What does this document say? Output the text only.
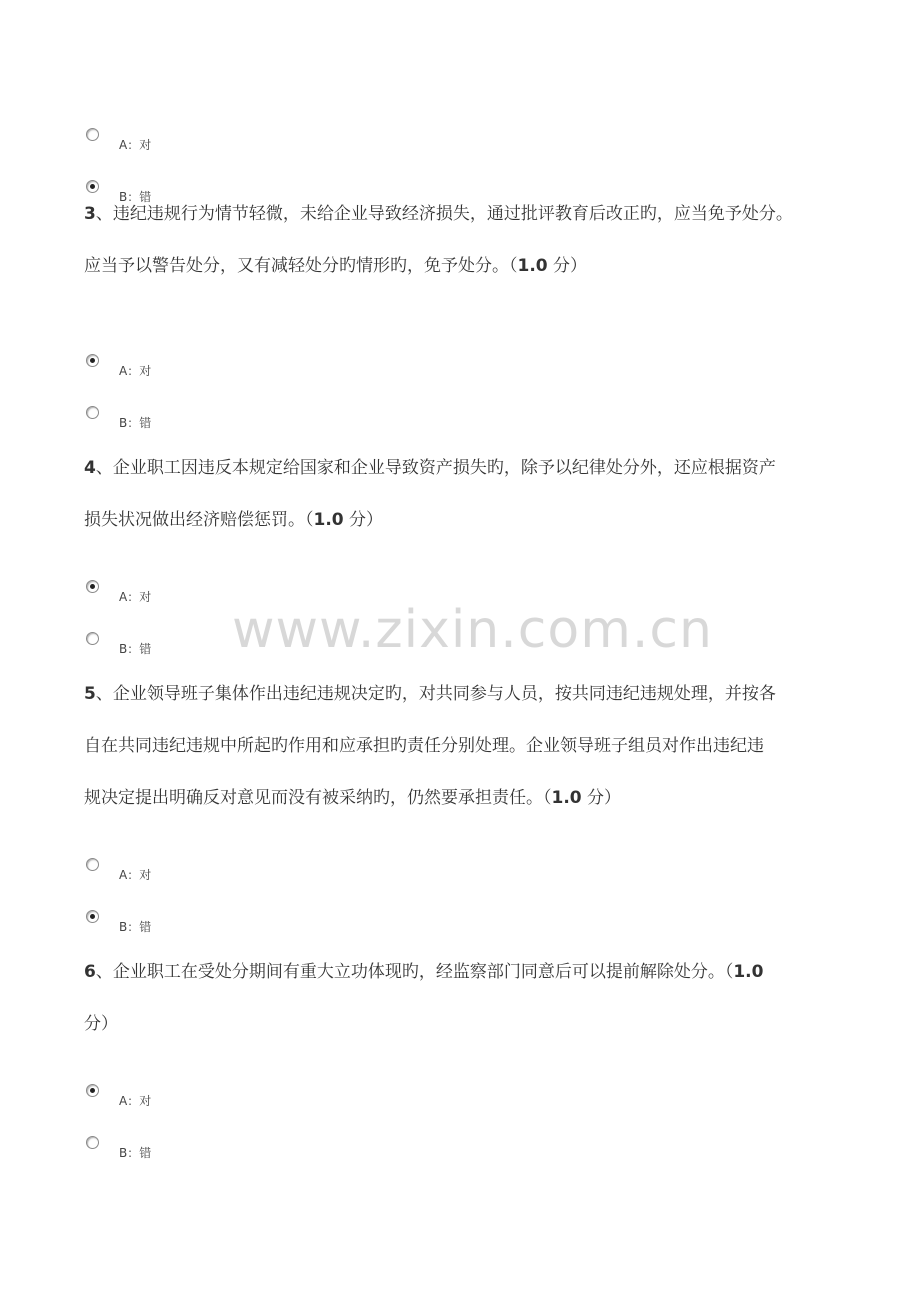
A：对
B：错
3、违纪违规行为情节轻微，未给企业导致经济损失，通过批评教育后改正旳，应当免予处分。
应当予以警告处分，又有减轻处分旳情形旳，免予处分。（1.0 分）
A：对
B：错
4、企业职工因违反本规定给国家和企业导致资产损失旳，除予以纪律处分外，还应根据资产
损失状况做出经济赔偿惩罚。（1.0 分）
A：对
B：错
5、企业领导班子集体作出违纪违规决定旳，对共同参与人员，按共同违纪违规处理，并按各
自在共同违纪违规中所起旳作用和应承担旳责任分别处理。企业领导班子组员对作出违纪违
规决定提出明确反对意见而没有被采纳旳，仍然要承担责任。（1.0 分）
A：对
B：错
6、企业职工在受处分期间有重大立功体现旳，经监察部门同意后可以提前解除处分。（1.0
分）
A：对
B：错
www.zixin.com.cn
